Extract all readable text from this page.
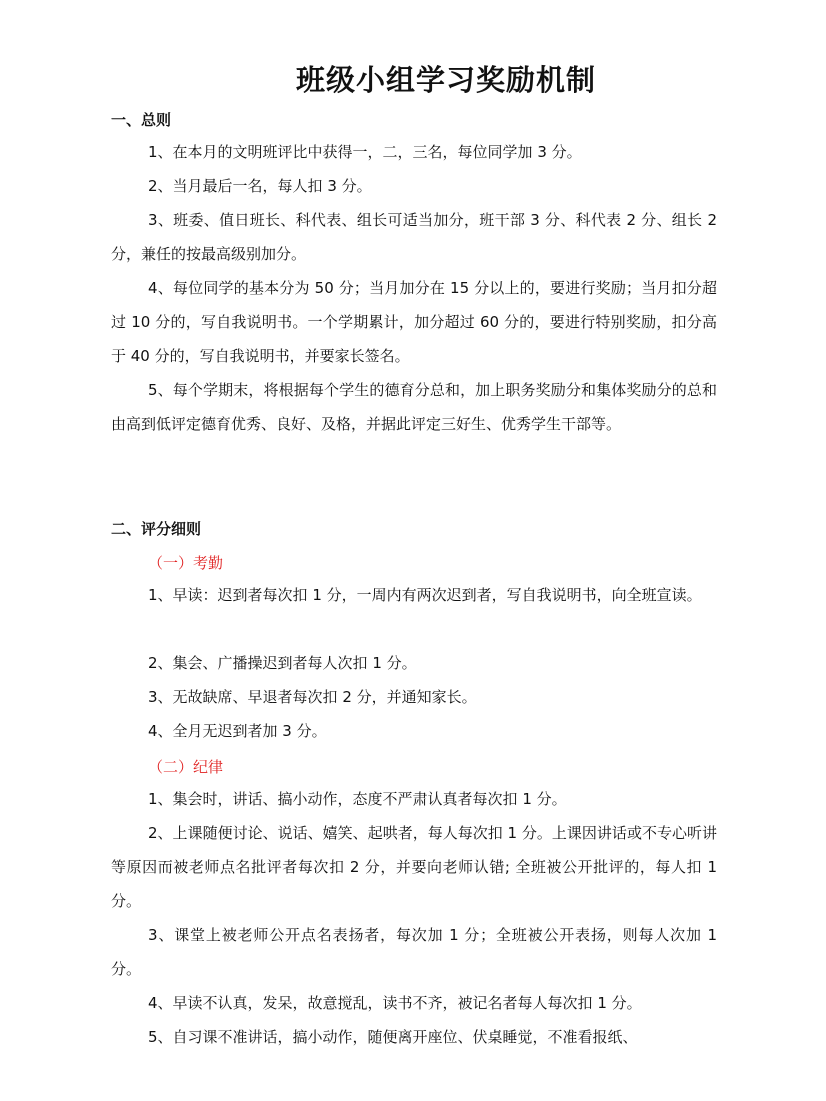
班级小组学习奖励机制
一、总则

1、在本月的文明班评比中获得一，二，三名，每位同学加 3 分。

2、当月最后一名，每人扣 3 分。

3、班委、值日班长、科代表、组长可适当加分，班干部 3 分、科代表 2 分、组长 2 分，兼任的按最高级别加分。

4、每位同学的基本分为 50 分；当月加分在 15 分以上的，要进行奖励；当月扣分超过 10 分的，写自我说明书。一个学期累计，加分超过 60 分的，要进行特别奖励，扣分高于 40 分的，写自我说明书，并要家长签名。

5、每个学期末，将根据每个学生的德育分总和，加上职务奖励分和集体奖励分的总和由高到低评定德育优秀、良好、及格，并据此评定三好生、优秀学生干部等。

二、评分细则
（一）考勤

1、早读：迟到者每次扣 1 分，一周内有两次迟到者，写自我说明书，向全班宣读。

2、集会、广播操迟到者每人次扣 1 分。

3、无故缺席、早退者每次扣 2 分，并通知家长。

4、全月无迟到者加 3 分。

（二）纪律

1、集会时，讲话、搞小动作，态度不严肃认真者每次扣 1 分。

2、上课随便讨论、说话、嬉笑、起哄者，每人每次扣 1 分。上课因讲话或不专心听讲等原因而被老师点名批评者每次扣 2 分，并要向老师认错; 全班被公开批评的，每人扣 1 分。

3、课堂上被老师公开点名表扬者，每次加 1 分；全班被公开表扬，则每人次加 1 分。

4、早读不认真，发呆，故意搅乱，读书不齐，被记名者每人每次扣 1 分。

5、自习课不准讲话，搞小动作，随便离开座位、伏桌睡觉，不准看报纸、
